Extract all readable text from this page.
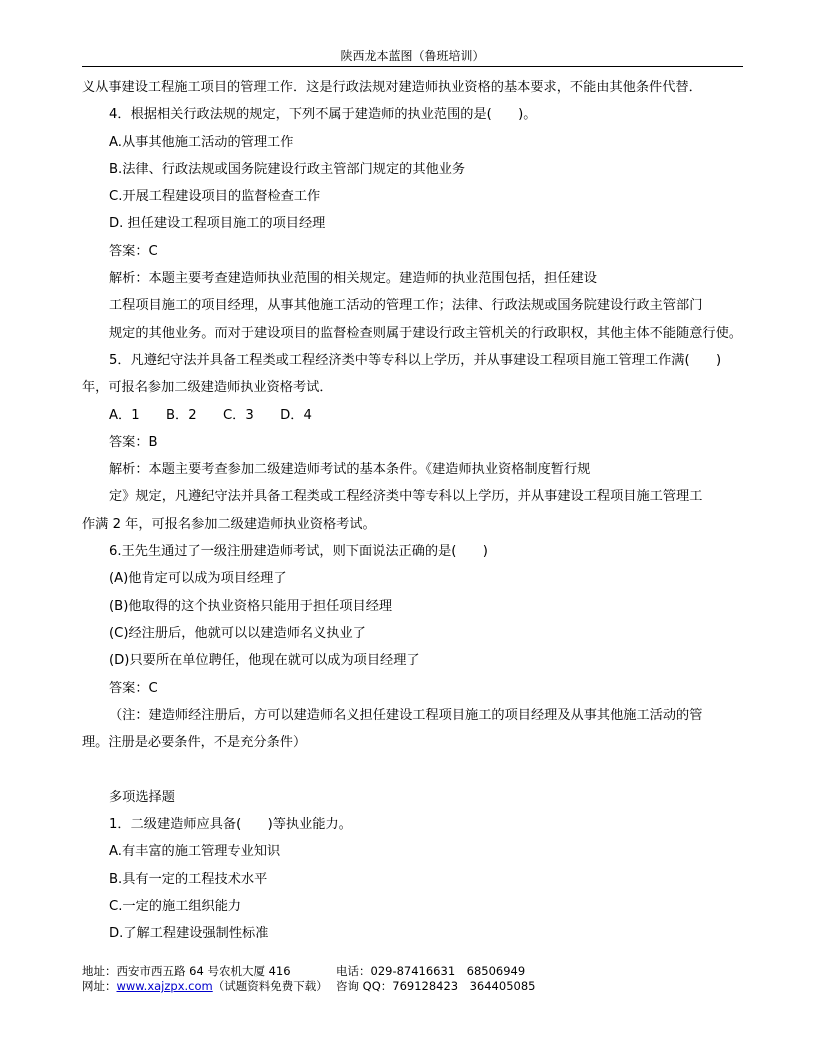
陕西龙本蓝图（鲁班培训）
义从事建设工程施工项目的管理工作．这是行政法规对建造师执业资格的基本要求，不能由其他条件代替．
4．根据相关行政法规的规定，下列不属于建造师的执业范围的是(　　)。
A.从事其他施工活动的管理工作
B.法律、行政法规或国务院建设行政主管部门规定的其他业务
C.开展工程建设项目的监督检查工作
D. 担任建设工程项目施工的项目经理
答案：C
解析：本题主要考查建造师执业范围的相关规定。建造师的执业范围包括，担任建设
工程项目施工的项目经理，从事其他施工活动的管理工作；法律、行政法规或国务院建设行政主管部门
规定的其他业务。而对于建设项目的监督检查则属于建设行政主管机关的行政职权，其他主体不能随意行使。
5．凡遵纪守法并具备工程类或工程经济类中等专科以上学历，并从事建设工程项目施工管理工作满(　　)
年，可报名参加二级建造师执业资格考试．
A．1　　B．2　　C．3　　D．4
答案：B
解析：本题主要考查参加二级建造师考试的基本条件。《建造师执业资格制度暂行规
定》规定，凡遵纪守法并具备工程类或工程经济类中等专科以上学历，并从事建设工程项目施工管理工
作满 2 年，可报名参加二级建造师执业资格考试。
6.王先生通过了一级注册建造师考试，则下面说法正确的是(　　)
(A)他肯定可以成为项目经理了
(B)他取得的这个执业资格只能用于担任项目经理
(C)经注册后，他就可以以建造师名义执业了
(D)只要所在单位聘任，他现在就可以成为项目经理了
答案：C
（注：建造师经注册后，方可以建造师名义担任建设工程项目施工的项目经理及从事其他施工活动的管
理。注册是必要条件，不是充分条件）
多项选择题
1．二级建造师应具备(　　)等执业能力。
A.有丰富的施工管理专业知识
B.具有一定的工程技术水平
C.一定的施工组织能力
D.了解工程建设强制性标准
地址：西安市西五路 64 号农机大厦 416	电话：029-87416631　68506949
网址：www.xajzpx.com（试题资料免费下载） 咨询 QQ：769128423　364405085
